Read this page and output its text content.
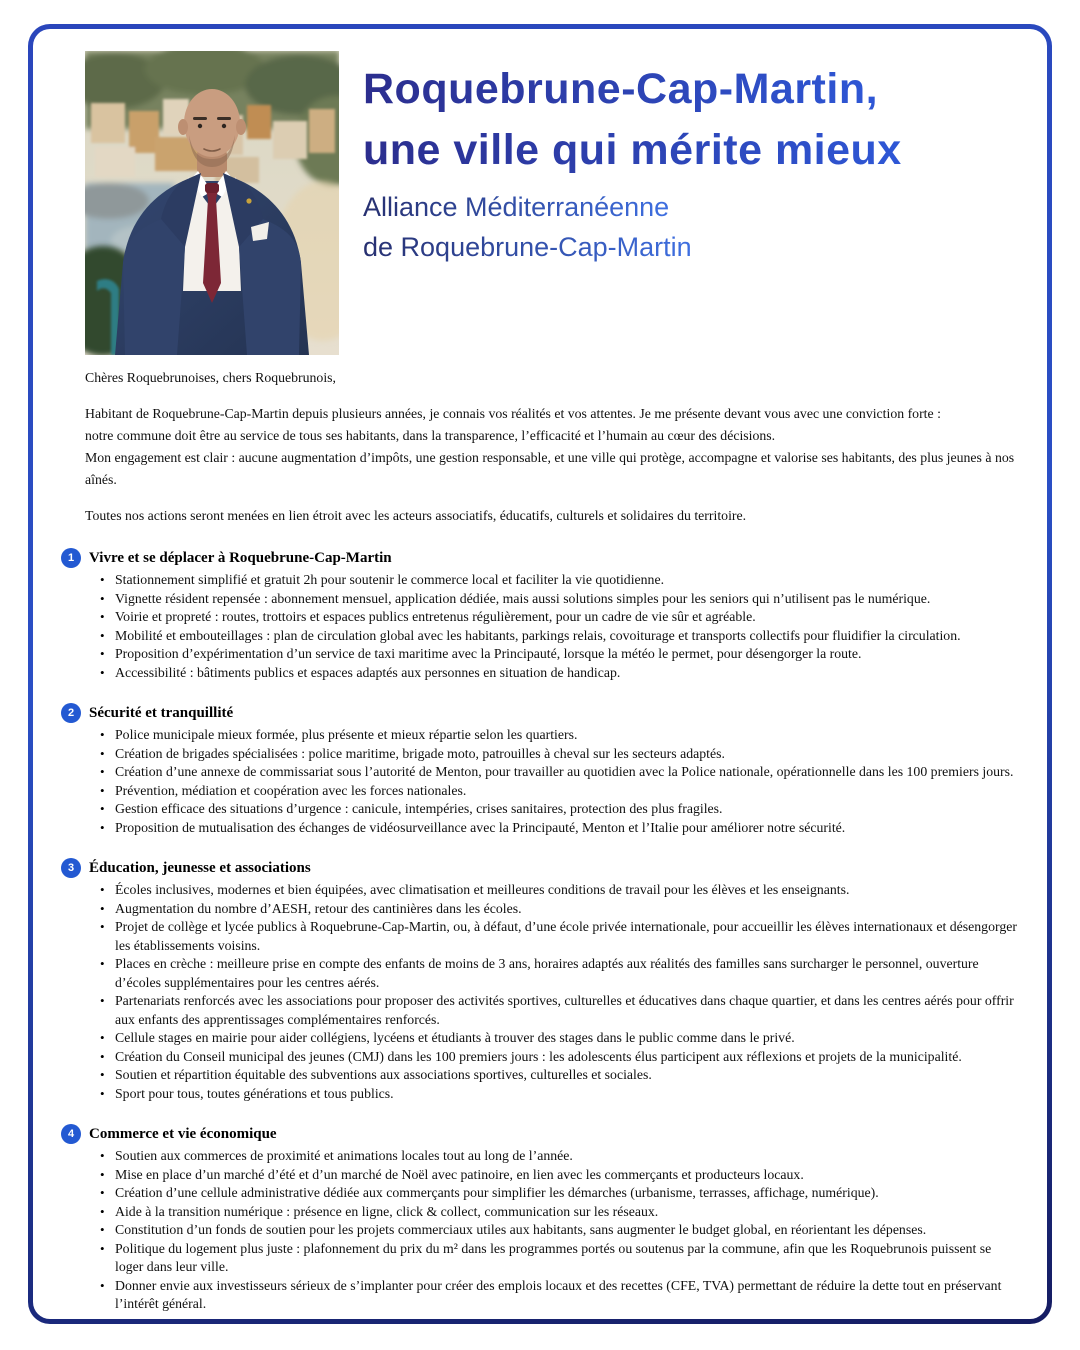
Roquebrune-Cap-Martin,
une ville qui mérite mieux
Alliance Méditerranéenne
de Roquebrune-Cap-Martin

Chères Roquebrunoises, chers Roquebrunois,

Habitant de Roquebrune-Cap-Martin depuis plusieurs années, je connais vos réalités et vos attentes. Je me présente devant vous avec une conviction forte :

notre commune doit être au service de tous ses habitants, dans la transparence, l’efficacité et l’humain au cœur des décisions.

Mon engagement est clair : aucune augmentation d’impôts, une gestion responsable, et une ville qui protège, accompagne et valorise ses habitants, des plus jeunes à nos aînés.

Toutes nos actions seront menées en lien étroit avec les acteurs associatifs, éducatifs, culturels et solidaires du territoire.

1 Vivre et se déplacer à Roquebrune-Cap-Martin
• Stationnement simplifié et gratuit 2h pour soutenir le commerce local et faciliter la vie quotidienne.
• Vignette résident repensée : abonnement mensuel, application dédiée, mais aussi solutions simples pour les seniors qui n’utilisent pas le numérique.
• Voirie et propreté : routes, trottoirs et espaces publics entretenus régulièrement, pour un cadre de vie sûr et agréable.
• Mobilité et embouteillages : plan de circulation global avec les habitants, parkings relais, covoiturage et transports collectifs pour fluidifier la circulation.
• Proposition d’expérimentation d’un service de taxi maritime avec la Principauté, lorsque la météo le permet, pour désengorger la route.
• Accessibilité : bâtiments publics et espaces adaptés aux personnes en situation de handicap.
2 Sécurité et tranquillité
• Police municipale mieux formée, plus présente et mieux répartie selon les quartiers.
• Création de brigades spécialisées : police maritime, brigade moto, patrouilles à cheval sur les secteurs adaptés.
• Création d’une annexe de commissariat sous l’autorité de Menton, pour travailler au quotidien avec la Police nationale, opérationnelle dans les 100 premiers jours.
• Prévention, médiation et coopération avec les forces nationales.
• Gestion efficace des situations d’urgence : canicule, intempéries, crises sanitaires, protection des plus fragiles.
• Proposition de mutualisation des échanges de vidéosurveillance avec la Principauté, Menton et l’Italie pour améliorer notre sécurité.
3 Éducation, jeunesse et associations
• Écoles inclusives, modernes et bien équipées, avec climatisation et meilleures conditions de travail pour les élèves et les enseignants.
• Augmentation du nombre d’AESH, retour des cantinières dans les écoles.
• Projet de collège et lycée publics à Roquebrune-Cap-Martin, ou, à défaut, d’une école privée internationale, pour accueillir les élèves internationaux et désengorger les établissements voisins.
• Places en crèche : meilleure prise en compte des enfants de moins de 3 ans, horaires adaptés aux réalités des familles sans surcharger le personnel, ouverture d’écoles supplémentaires pour les centres aérés.
• Partenariats renforcés avec les associations pour proposer des activités sportives, culturelles et éducatives dans chaque quartier, et dans les centres aérés pour offrir aux enfants des apprentissages complémentaires renforcés.
• Cellule stages en mairie pour aider collégiens, lycéens et étudiants à trouver des stages dans le public comme dans le privé.
• Création du Conseil municipal des jeunes (CMJ) dans les 100 premiers jours : les adolescents élus participent aux réflexions et projets de la municipalité.
• Soutien et répartition équitable des subventions aux associations sportives, culturelles et sociales.
• Sport pour tous, toutes générations et tous publics.
4 Commerce et vie économique
• Soutien aux commerces de proximité et animations locales tout au long de l’année.
• Mise en place d’un marché d’été et d’un marché de Noël avec patinoire, en lien avec les commerçants et producteurs locaux.
• Création d’une cellule administrative dédiée aux commerçants pour simplifier les démarches (urbanisme, terrasses, affichage, numérique).
• Aide à la transition numérique : présence en ligne, click & collect, communication sur les réseaux.
• Constitution d’un fonds de soutien pour les projets commerciaux utiles aux habitants, sans augmenter le budget global, en réorientant les dépenses.
• Politique du logement plus juste : plafonnement du prix du m² dans les programmes portés ou soutenus par la commune, afin que les Roquebrunois puissent se loger dans leur ville.
• Donner envie aux investisseurs sérieux de s’implanter pour créer des emplois locaux et des recettes (CFE, TVA) permettant de réduire la dette tout en préservant l’intérêt général.
